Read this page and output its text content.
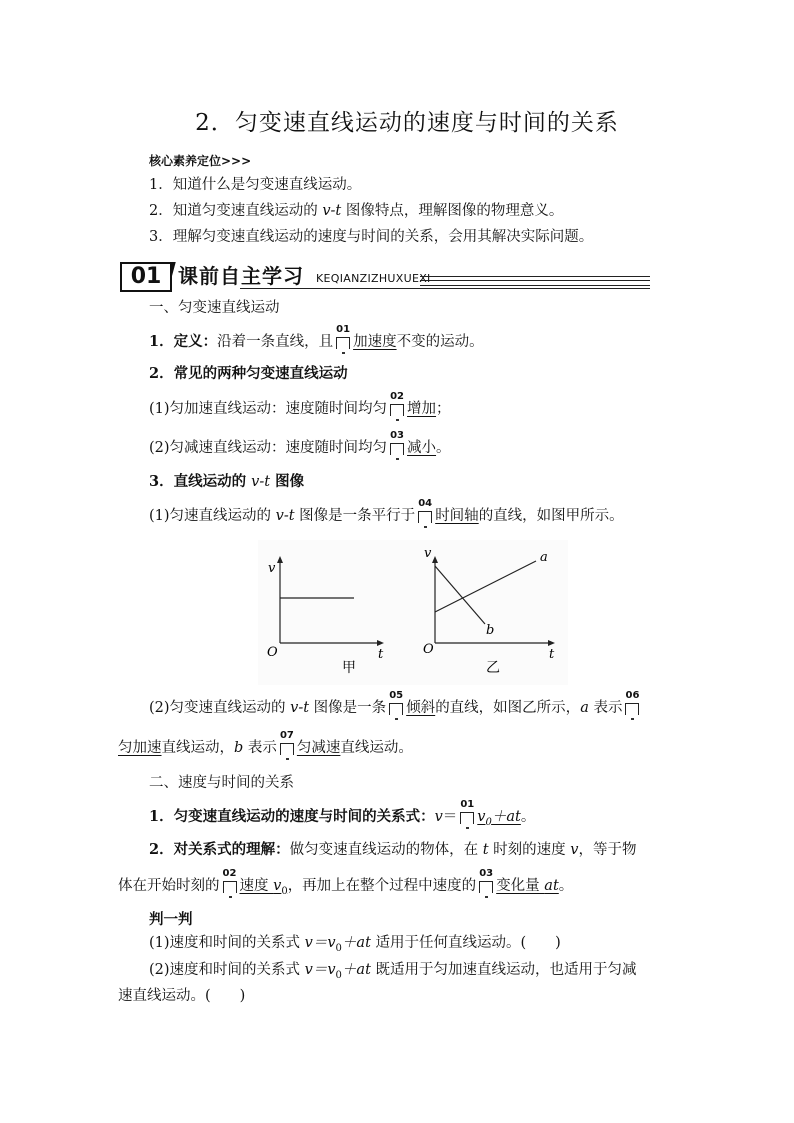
2．匀变速直线运动的速度与时间的关系
核心素养定位>>>
1．知道什么是匀变速直线运动。
2．知道匀变速直线运动的 v-t 图像特点，理解图像的物理意义。
3．理解匀变速直线运动的速度与时间的关系，会用其解决实际问题。
01 课前自主学习 KEQIANZIZHUXUEXI
一、匀变速直线运动
1．定义：沿着一条直线，且
01
加速度不变的运动。
2．常见的两种匀变速直线运动
(1)匀加速直线运动：速度随时间均匀
02
增加；
(2)匀减速直线运动：速度随时间均匀
03
减小。
3．直线运动的 v-t 图像
(1)匀速直线运动的 v-t 图像是一条平行于
04
时间轴的直线，如图甲所示。
v
t
O
甲
v
t
O
a
b
乙
(2)匀变速直线运动的 v-t 图像是一条
05
倾斜的直线，如图乙所示，a 表示
06
匀加速直线运动，b 表示
07
匀减速直线运动。
二、速度与时间的关系
1．匀变速直线运动的速度与时间的关系式：v＝
01
$v_0+at$。
2．对关系式的理解：做匀变速直线运动的物体，在 t 时刻的速度 v，等于物
体在开始时刻的
02
速度 $v_0$，再加上在整个过程中速度的
03
变化量 at。
判一判
(1)速度和时间的关系式 $v=v_0+at$ 适用于任何直线运动。(　　)
(2)速度和时间的关系式 $v=v_0+at$ 既适用于匀加速直线运动，也适用于匀减
速直线运动。(　　)
